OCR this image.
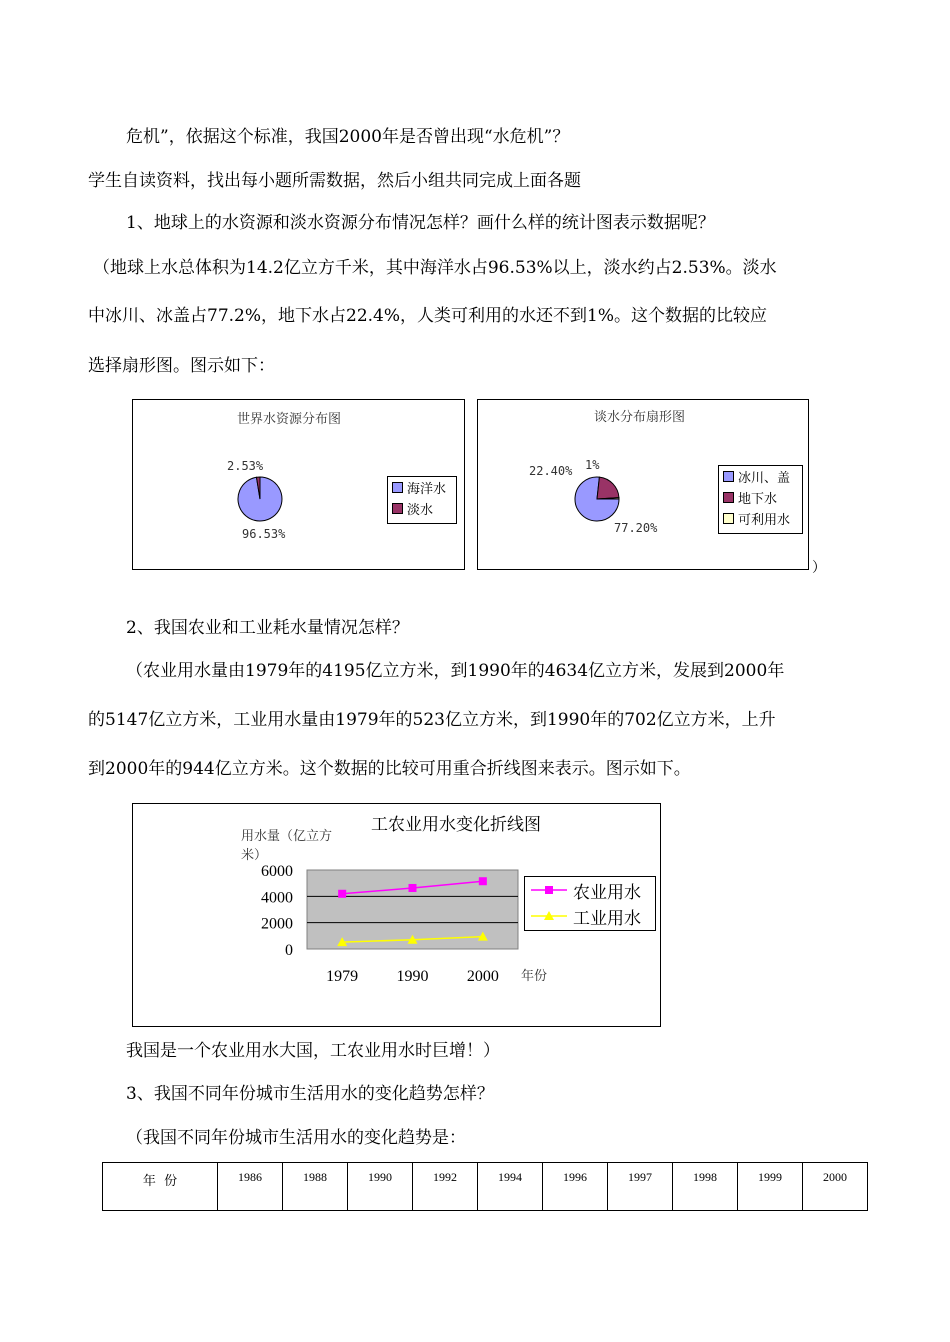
危机”，依据这个标准，我国2000年是否曾出现“水危机”？
学生自读资料，找出每小题所需数据，然后小组共同完成上面各题
1、地球上的水资源和淡水资源分布情况怎样？画什么样的统计图表示数据呢？
（地球上水总体积为14.2亿立方千米，其中海洋水占96.53%以上，淡水约占2.53%。淡水
中冰川、冰盖占77.2%，地下水占22.4%，人类可利用的水还不到1%。这个数据的比较应
选择扇形图。图示如下：
世界水资源分布图
2.53%
96.53%
海洋水
淡水
谈水分布扇形图
22.40% 1%
77.20%
冰川、盖
地下水
可利用水
）
2、我国农业和工业耗水量情况怎样？
（农业用水量由1979年的4195亿立方米，到1990年的4634亿立方米，发展到2000年
的5147亿立方米，工业用水量由1979年的523亿立方米，到1990年的702亿立方米，上升
到2000年的944亿立方米。这个数据的比较可用重合折线图来表示。图示如下。
工农业用水变化折线图
用水量（亿立方米）
6000
4000
2000
0
1979 1990 2000 年份
农业用水
工业用水
我国是一个农业用水大国，工农业用水时巨增！）
3、我国不同年份城市生活用水的变化趋势怎样？
（我国不同年份城市生活用水的变化趋势是：
年  份	1986	1988	1990	1992	1994	1996	1997	1998	1999	2000
